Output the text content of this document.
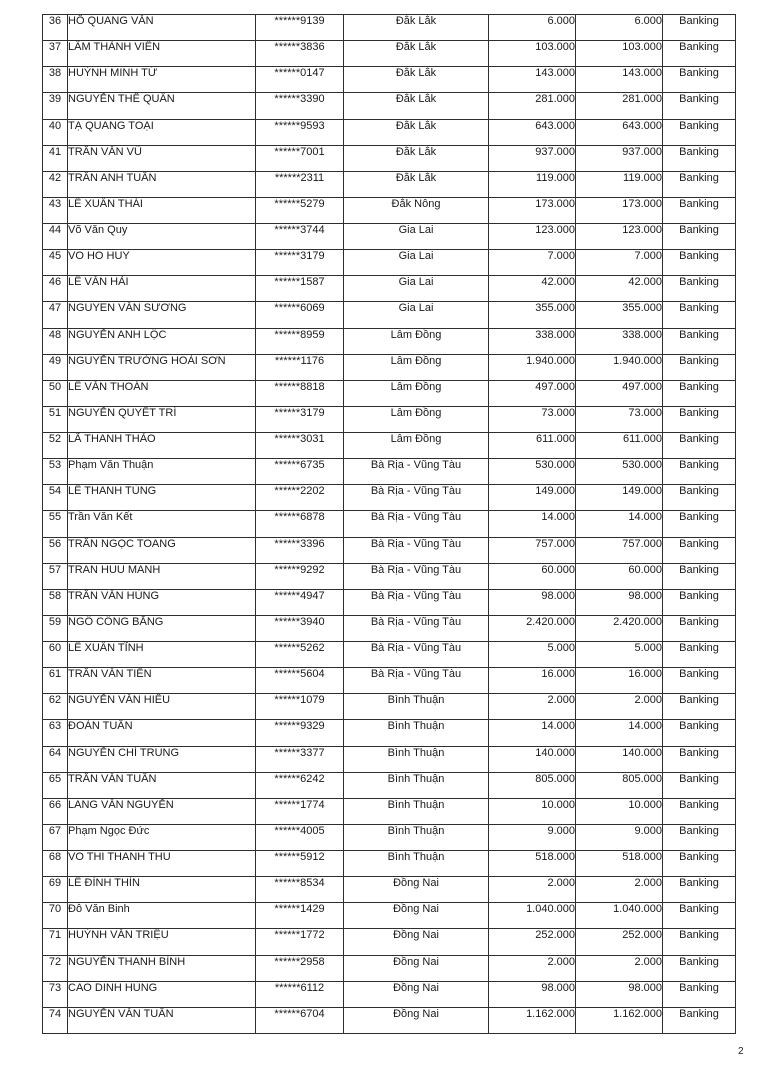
36	HỒ QUANG VĂN	******9139	Đắk Lắk	6.000	6.000	Banking
37	LÂM THÀNH VIÊN	******3836	Đắk Lắk	103.000	103.000	Banking
38	HUỲNH MINH TỨ	******0147	Đắk Lắk	143.000	143.000	Banking
39	NGUYỄN THẾ QUÂN	******3390	Đắk Lắk	281.000	281.000	Banking
40	TẠ QUANG TOẠI	******9593	Đắk Lắk	643.000	643.000	Banking
41	TRẦN VĂN VŨ	******7001	Đắk Lắk	937.000	937.000	Banking
42	TRẦN ANH TUẤN	******2311	Đắk Lắk	119.000	119.000	Banking
43	LÊ XUÂN THÁI	******5279	Đắk Nông	173.000	173.000	Banking
44	Võ Văn Quy	******3744	Gia Lai	123.000	123.000	Banking
45	VO HO HUY	******3179	Gia Lai	7.000	7.000	Banking
46	LÊ VĂN HẢI	******1587	Gia Lai	42.000	42.000	Banking
47	NGUYEN VĂN SƯƠNG	******6069	Gia Lai	355.000	355.000	Banking
48	NGUYỄN ANH LỘC	******8959	Lâm Đồng	338.000	338.000	Banking
49	NGUYỄN TRƯỜNG HOÀI SƠN	******1176	Lâm Đồng	1.940.000	1.940.000	Banking
50	LÊ VĂN THOÁN	******8818	Lâm Đồng	497.000	497.000	Banking
51	NGUYỄN QUYẾT TRÍ	******3179	Lâm Đồng	73.000	73.000	Banking
52	LÃ THANH THẢO	******3031	Lâm Đồng	611.000	611.000	Banking
53	Phạm Văn Thuận	******6735	Bà Rịa - Vũng Tàu	530.000	530.000	Banking
54	LÊ THANH TÙNG	******2202	Bà Rịa - Vũng Tàu	149.000	149.000	Banking
55	Trần Văn Kết	******6878	Bà Rịa - Vũng Tàu	14.000	14.000	Banking
56	TRẦN NGỌC TOANG	******3396	Bà Rịa - Vũng Tàu	757.000	757.000	Banking
57	TRAN HUU MANH	******9292	Bà Rịa - Vũng Tàu	60.000	60.000	Banking
58	TRẦN VĂN HÙNG	******4947	Bà Rịa - Vũng Tàu	98.000	98.000	Banking
59	NGÔ CÔNG BẰNG	******3940	Bà Rịa - Vũng Tàu	2.420.000	2.420.000	Banking
60	LÊ XUÂN TĨNH	******5262	Bà Rịa - Vũng Tàu	5.000	5.000	Banking
61	TRẦN VĂN TIẾN	******5604	Bà Rịa - Vũng Tàu	16.000	16.000	Banking
62	NGUYỄN VĂN HIẾU	******1079	Bình Thuận	2.000	2.000	Banking
63	ĐOÀN TUẤN	******9329	Bình Thuận	14.000	14.000	Banking
64	NGUYỄN CHÍ TRUNG	******3377	Bình Thuận	140.000	140.000	Banking
65	TRẦN VĂN TUẤN	******6242	Bình Thuận	805.000	805.000	Banking
66	LANG VĂN NGUYỄN	******1774	Bình Thuận	10.000	10.000	Banking
67	Phạm Ngọc Đức	******4005	Bình Thuận	9.000	9.000	Banking
68	VO THI THANH THU	******5912	Bình Thuận	518.000	518.000	Banking
69	LÊ ĐÌNH THÌN	******8534	Đồng Nai	2.000	2.000	Banking
70	Đỗ Văn Binh	******1429	Đồng Nai	1.040.000	1.040.000	Banking
71	HUỲNH VĂN TRIỆU	******1772	Đồng Nai	252.000	252.000	Banking
72	NGUYỄN THANH BÌNH	******2958	Đồng Nai	2.000	2.000	Banking
73	CAO DINH HUNG	******6112	Đồng Nai	98.000	98.000	Banking
74	NGUYỄN VĂN TUẤN	******6704	Đồng Nai	1.162.000	1.162.000	Banking
2
